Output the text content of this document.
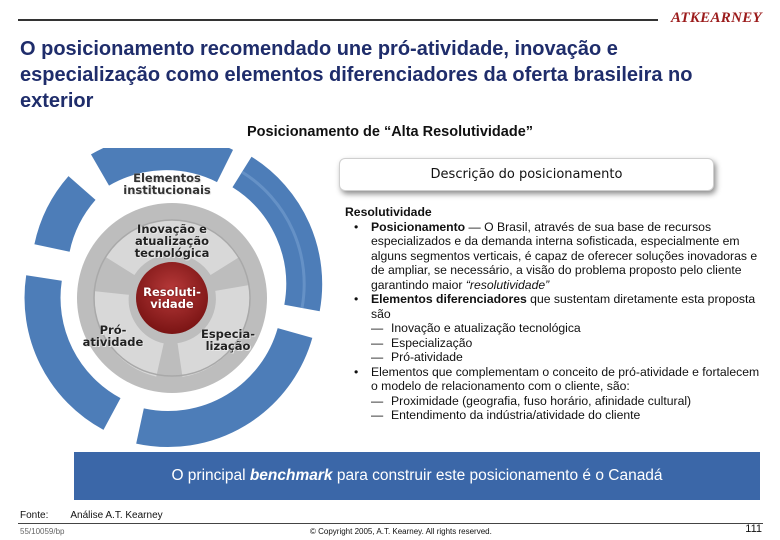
ATKEARNEY
O posicionamento recomendado une pró-atividade, inovação e especialização como elementos diferenciadores da oferta brasileira no exterior
Posicionamento de “Alta Resolutividade”
Elementos institucionais
Inovação e atualização tecnológica
Resoluti-vidade
Pró-atividade
Especia-lização
Descrição do posicionamento
Resolutividade
• Posicionamento — O Brasil, através de sua base de recursos especializados e da demanda interna sofisticada, especialmente em alguns segmentos verticais, é capaz de oferecer soluções inovadoras e de ampliar, se necessário, a visão do problema proposto pelo cliente garantindo maior “resolutividade”
• Elementos diferenciadores que sustentam diretamente esta proposta são
— Inovação e atualização tecnológica
— Especialização
— Pró-atividade
• Elementos que complementam o conceito de pró-atividade e fortalecem o modelo de relacionamento com o cliente, são:
— Proximidade (geografia, fuso horário, afinidade cultural)
— Entendimento da indústria/atividade do cliente
O principal benchmark para construir este posicionamento é o Canadá
Fonte: Análise A.T. Kearney
55/10059/bp	© Copyright 2005, A.T. Kearney. All rights reserved.	111
